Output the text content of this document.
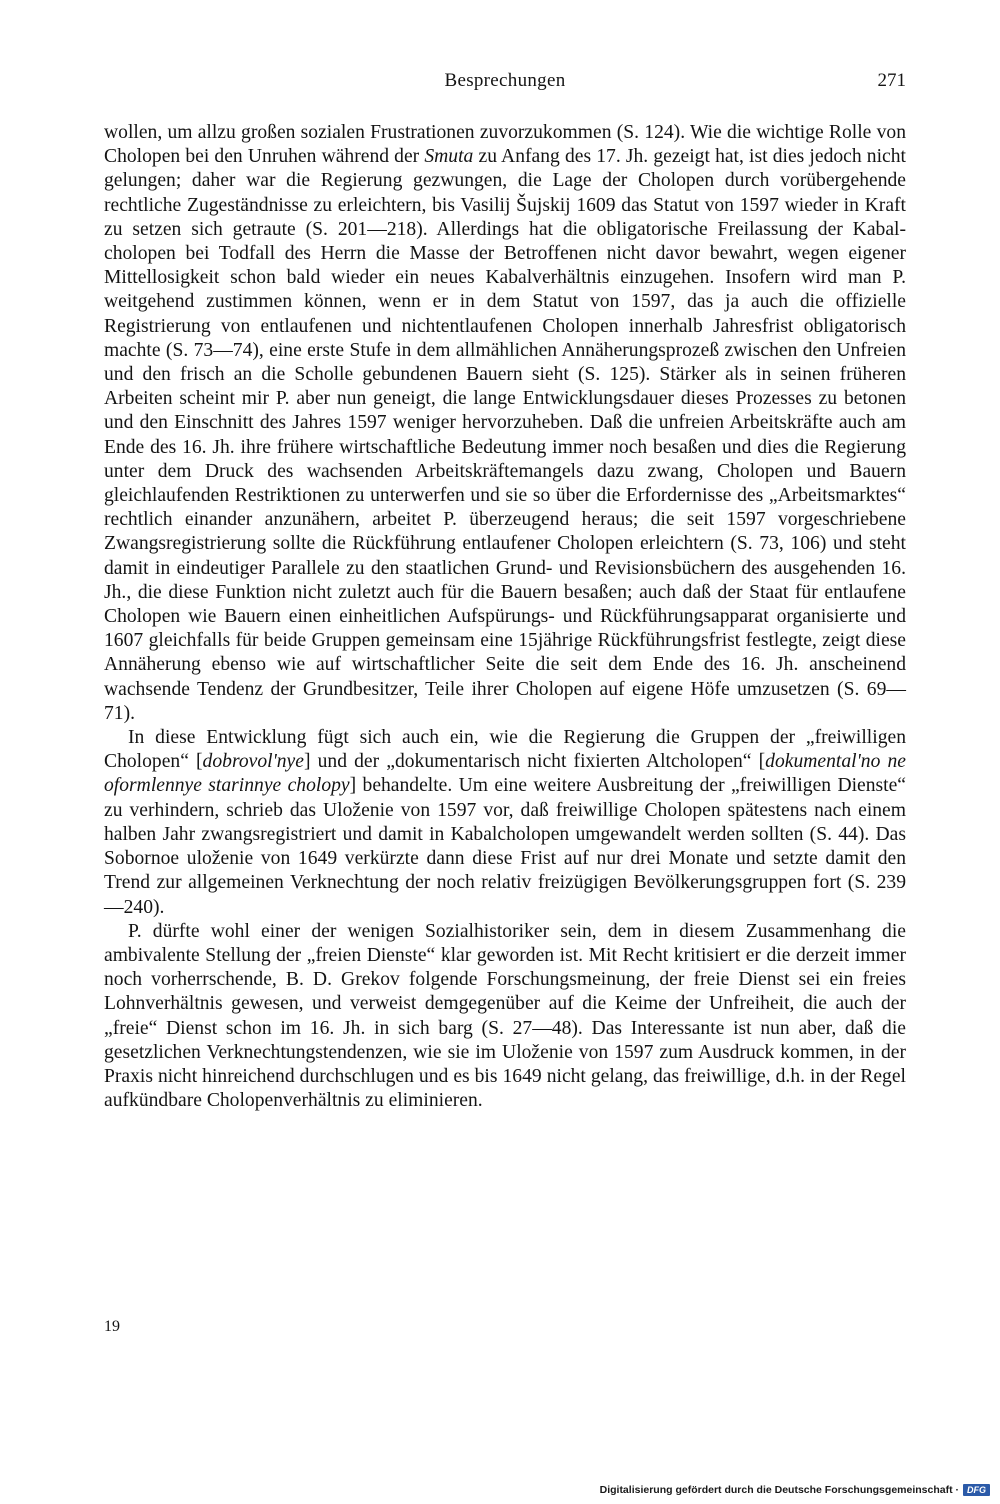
Besprechungen	271

wollen, um allzu großen sozialen Frustrationen zuvorzukommen (S. 124). Wie die wichtige Rolle von Cholopen bei den Unruhen während der Smuta zu Anfang des 17. Jh. gezeigt hat, ist dies jedoch nicht gelungen; daher war die Regierung gezwungen, die Lage der Cholopen durch vorübergehende rechtliche Zugeständnisse zu erleichtern, bis Vasilij Šujskij 1609 das Statut von 1597 wieder in Kraft zu setzen sich getraute (S. 201—218). Allerdings hat die obligatorische Freilassung der Kabalcholopen bei Todfall des Herrn die Masse der Betroffenen nicht davor bewahrt, wegen eigener Mittellosigkeit schon bald wieder ein neues Kabalverhältnis einzugehen. Insofern wird man P. weitgehend zustimmen können, wenn er in dem Statut von 1597, das ja auch die offizielle Registrierung von entlaufenen und nichtentlaufenen Cholopen innerhalb Jahresfrist obligatorisch machte (S. 73—74), eine erste Stufe in dem allmählichen Annäherungsprozeß zwischen den Unfreien und den frisch an die Scholle gebundenen Bauern sieht (S. 125). Stärker als in seinen früheren Arbeiten scheint mir P. aber nun geneigt, die lange Entwicklungsdauer dieses Prozesses zu betonen und den Einschnitt des Jahres 1597 weniger hervorzuheben. Daß die unfreien Arbeitskräfte auch am Ende des 16. Jh. ihre frühere wirtschaftliche Bedeutung immer noch besaßen und dies die Regierung unter dem Druck des wachsenden Arbeitskräftemangels dazu zwang, Cholopen und Bauern gleichlaufenden Restriktionen zu unterwerfen und sie so über die Erfordernisse des „Arbeitsmarktes“ rechtlich einander anzunähern, arbeitet P. überzeugend heraus; die seit 1597 vorgeschriebene Zwangsregistrierung sollte die Rückführung entlaufener Cholopen erleichtern (S. 73, 106) und steht damit in eindeutiger Parallele zu den staatlichen Grund- und Revisionsbüchern des ausgehenden 16. Jh., die diese Funktion nicht zuletzt auch für die Bauern besaßen; auch daß der Staat für entlaufene Cholopen wie Bauern einen einheitlichen Aufspürungs- und Rückführungsapparat organisierte und 1607 gleichfalls für beide Gruppen gemeinsam eine 15jährige Rückführungsfrist festlegte, zeigt diese Annäherung ebenso wie auf wirtschaftlicher Seite die seit dem Ende des 16. Jh. anscheinend wachsende Tendenz der Grundbesitzer, Teile ihrer Cholopen auf eigene Höfe umzusetzen (S. 69—71).

In diese Entwicklung fügt sich auch ein, wie die Regierung die Gruppen der „freiwilligen Cholopen“ [dobrovol'nye] und der „dokumentarisch nicht fixierten Altcholopen“ [dokumental'no ne oformlennye starinnye cholopy] behandelte. Um eine weitere Ausbreitung der „freiwilligen Dienste“ zu verhindern, schrieb das Uloženie von 1597 vor, daß freiwillige Cholopen spätestens nach einem halben Jahr zwangsregistriert und damit in Kabalcholopen umgewandelt werden sollten (S. 44). Das Sobornoe uloženie von 1649 verkürzte dann diese Frist auf nur drei Monate und setzte damit den Trend zur allgemeinen Verknechtung der noch relativ freizügigen Bevölkerungsgruppen fort (S. 239—240).

P. dürfte wohl einer der wenigen Sozialhistoriker sein, dem in diesem Zusammenhang die ambivalente Stellung der „freien Dienste“ klar geworden ist. Mit Recht kritisiert er die derzeit immer noch vorherrschende, B. D. Grekov folgende Forschungsmeinung, der freie Dienst sei ein freies Lohnverhältnis gewesen, und verweist demgegenüber auf die Keime der Unfreiheit, die auch der „freie“ Dienst schon im 16. Jh. in sich barg (S. 27—48). Das Interessante ist nun aber, daß die gesetzlichen Verknechtungstendenzen, wie sie im Uloženie von 1597 zum Ausdruck kommen, in der Praxis nicht hinreichend durchschlugen und es bis 1649 nicht gelang, das freiwillige, d.h. in der Regel aufkündbare Cholopenverhältnis zu eliminieren.

19
Digitalisierung gefördert durch die Deutsche Forschungsgemeinschaft · DFG
